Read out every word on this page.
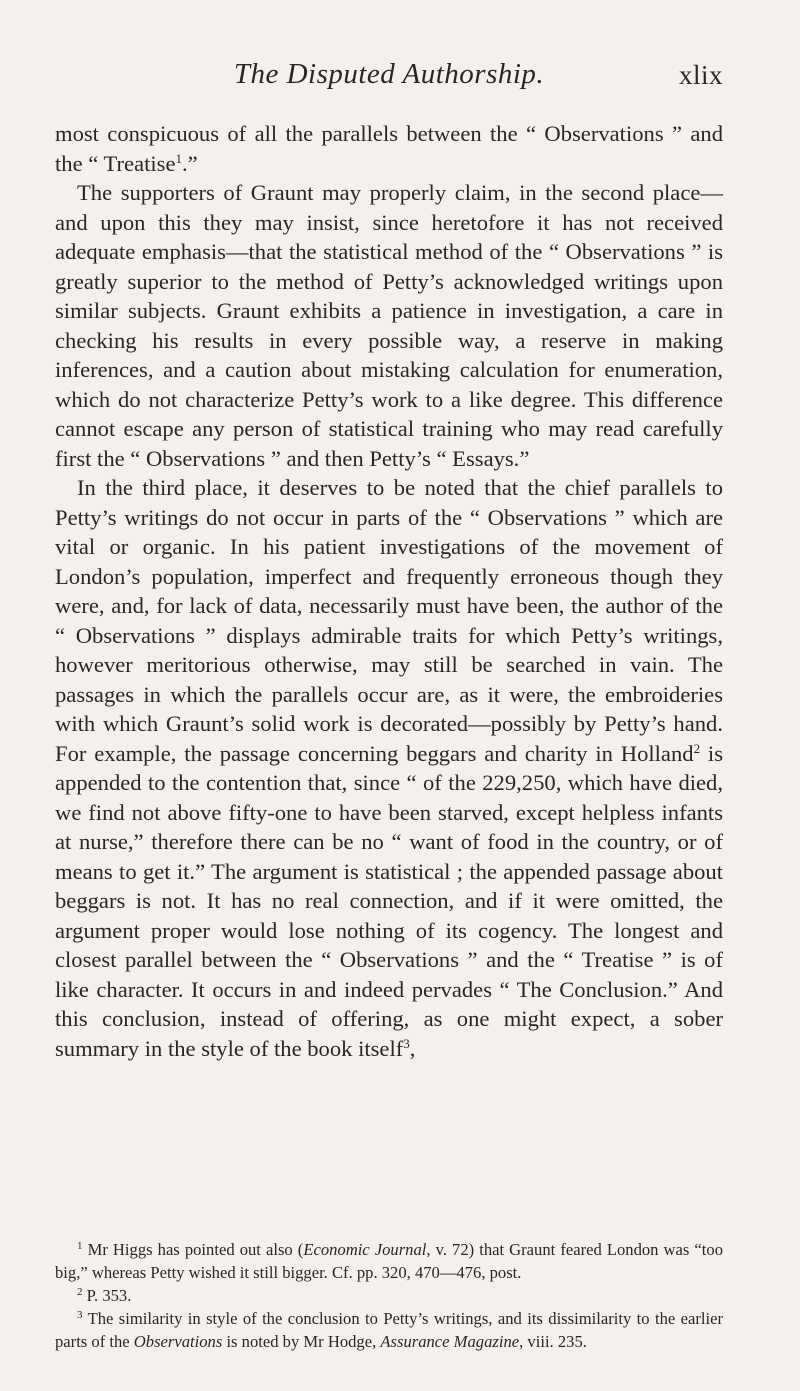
The Disputed Authorship.	xlix

most conspicuous of all the parallels between the “ Observations ” and the “ Treatise$^1$.”

The supporters of Graunt may properly claim, in the second place—and upon this they may insist, since heretofore it has not received adequate emphasis—that the statistical method of the “ Observations ” is greatly superior to the method of Petty’s acknowledged writings upon similar subjects. Graunt exhibits a patience in investigation, a care in checking his results in every possible way, a reserve in making inferences, and a caution about mistaking calculation for enumeration, which do not characterize Petty’s work to a like degree. This difference cannot escape any person of statistical training who may read carefully first the “ Observations ” and then Petty’s “ Essays.”

In the third place, it deserves to be noted that the chief parallels to Petty’s writings do not occur in parts of the “ Observations ” which are vital or organic. In his patient investigations of the movement of London’s population, imperfect and frequently erroneous though they were, and, for lack of data, necessarily must have been, the author of the “ Observations ” displays admirable traits for which Petty’s writings, however meritorious otherwise, may still be searched in vain. The passages in which the parallels occur are, as it were, the embroideries with which Graunt’s solid work is decorated—possibly by Petty’s hand. For example, the passage concerning beggars and charity in Holland$^2$ is appended to the contention that, since “ of the 229,250, which have died, we find not above fifty-one to have been starved, except helpless infants at nurse,” therefore there can be no “ want of food in the country, or of means to get it.” The argument is statistical ; the appended passage about beggars is not. It has no real connection, and if it were omitted, the argument proper would lose nothing of its cogency. The longest and closest parallel between the “ Observations ” and the “ Treatise ” is of like character. It occurs in and indeed pervades “ The Conclusion.” And this conclusion, instead of offering, as one might expect, a sober summary in the style of the book itself$^3$,

$^1$ Mr Higgs has pointed out also (Economic Journal, v. 72) that Graunt feared London was “too big,” whereas Petty wished it still bigger. Cf. pp. 320, 470—476, post.

$^2$ P. 353.

$^3$ The similarity in style of the conclusion to Petty’s writings, and its dissimilarity to the earlier parts of the Observations is noted by Mr Hodge, Assurance Magazine, viii. 235.
